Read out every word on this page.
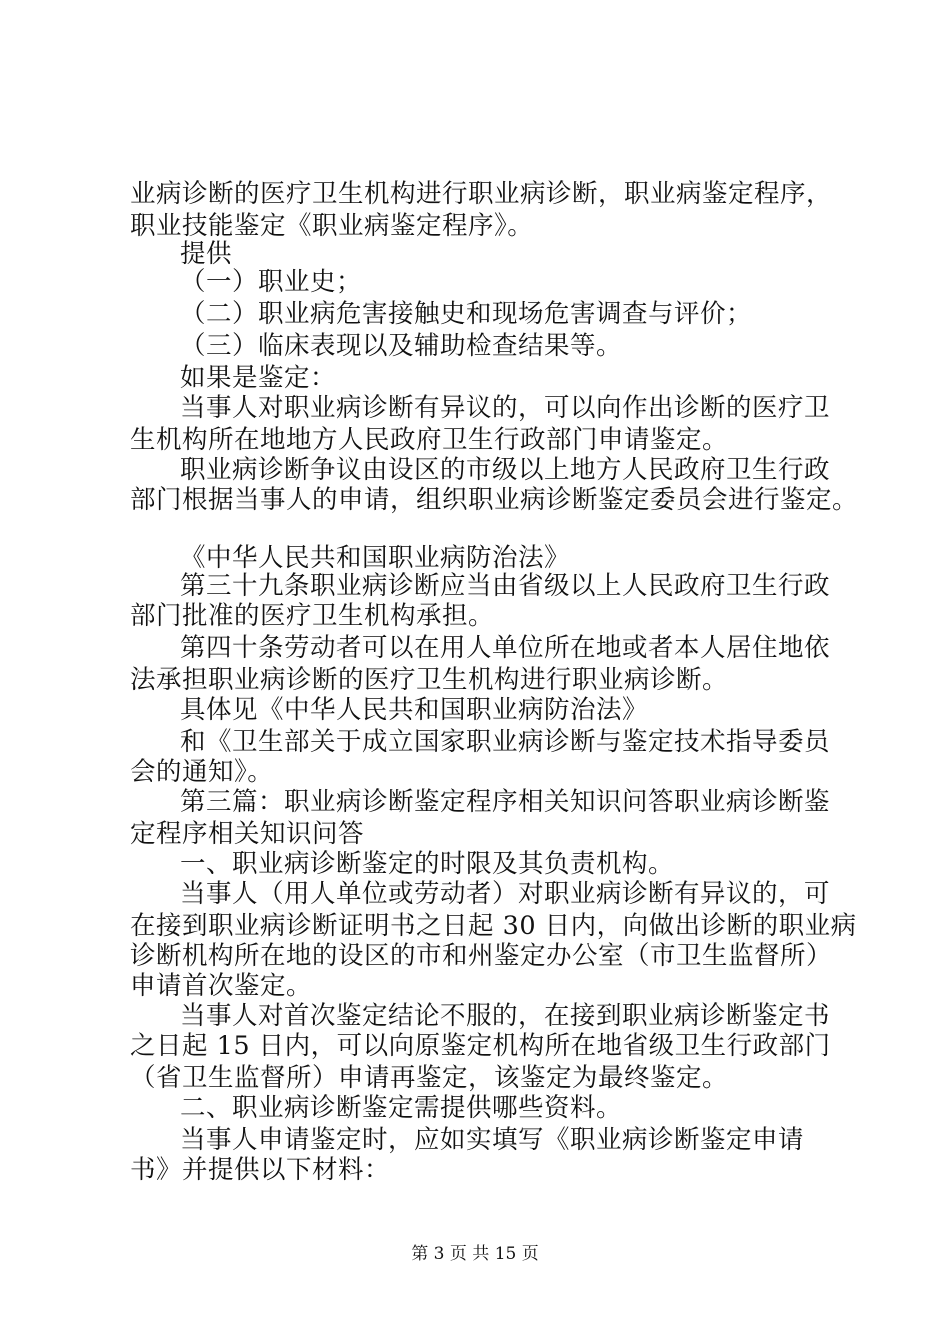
业病诊断的医疗卫生机构进行职业病诊断，职业病鉴定程序，
职业技能鉴定《职业病鉴定程序》。
提供
（一）职业史；
（二）职业病危害接触史和现场危害调查与评价；
（三）临床表现以及辅助检查结果等。
如果是鉴定：
当事人对职业病诊断有异议的，可以向作出诊断的医疗卫
生机构所在地地方人民政府卫生行政部门申请鉴定。
职业病诊断争议由设区的市级以上地方人民政府卫生行政
部门根据当事人的申请，组织职业病诊断鉴定委员会进行鉴定。
《中华人民共和国职业病防治法》
第三十九条职业病诊断应当由省级以上人民政府卫生行政
部门批准的医疗卫生机构承担。
第四十条劳动者可以在用人单位所在地或者本人居住地依
法承担职业病诊断的医疗卫生机构进行职业病诊断。
具体见《中华人民共和国职业病防治法》
和《卫生部关于成立国家职业病诊断与鉴定技术指导委员
会的通知》。
第三篇：职业病诊断鉴定程序相关知识问答职业病诊断鉴
定程序相关知识问答
一、职业病诊断鉴定的时限及其负责机构。
当事人（用人单位或劳动者）对职业病诊断有异议的，可
在接到职业病诊断证明书之日起 30 日内，向做出诊断的职业病
诊断机构所在地的设区的市和州鉴定办公室（市卫生监督所）
申请首次鉴定。
当事人对首次鉴定结论不服的，在接到职业病诊断鉴定书
之日起 15 日内，可以向原鉴定机构所在地省级卫生行政部门
（省卫生监督所）申请再鉴定，该鉴定为最终鉴定。
二、职业病诊断鉴定需提供哪些资料。
当事人申请鉴定时，应如实填写《职业病诊断鉴定申请
书》并提供以下材料：
第 3 页 共 15 页
